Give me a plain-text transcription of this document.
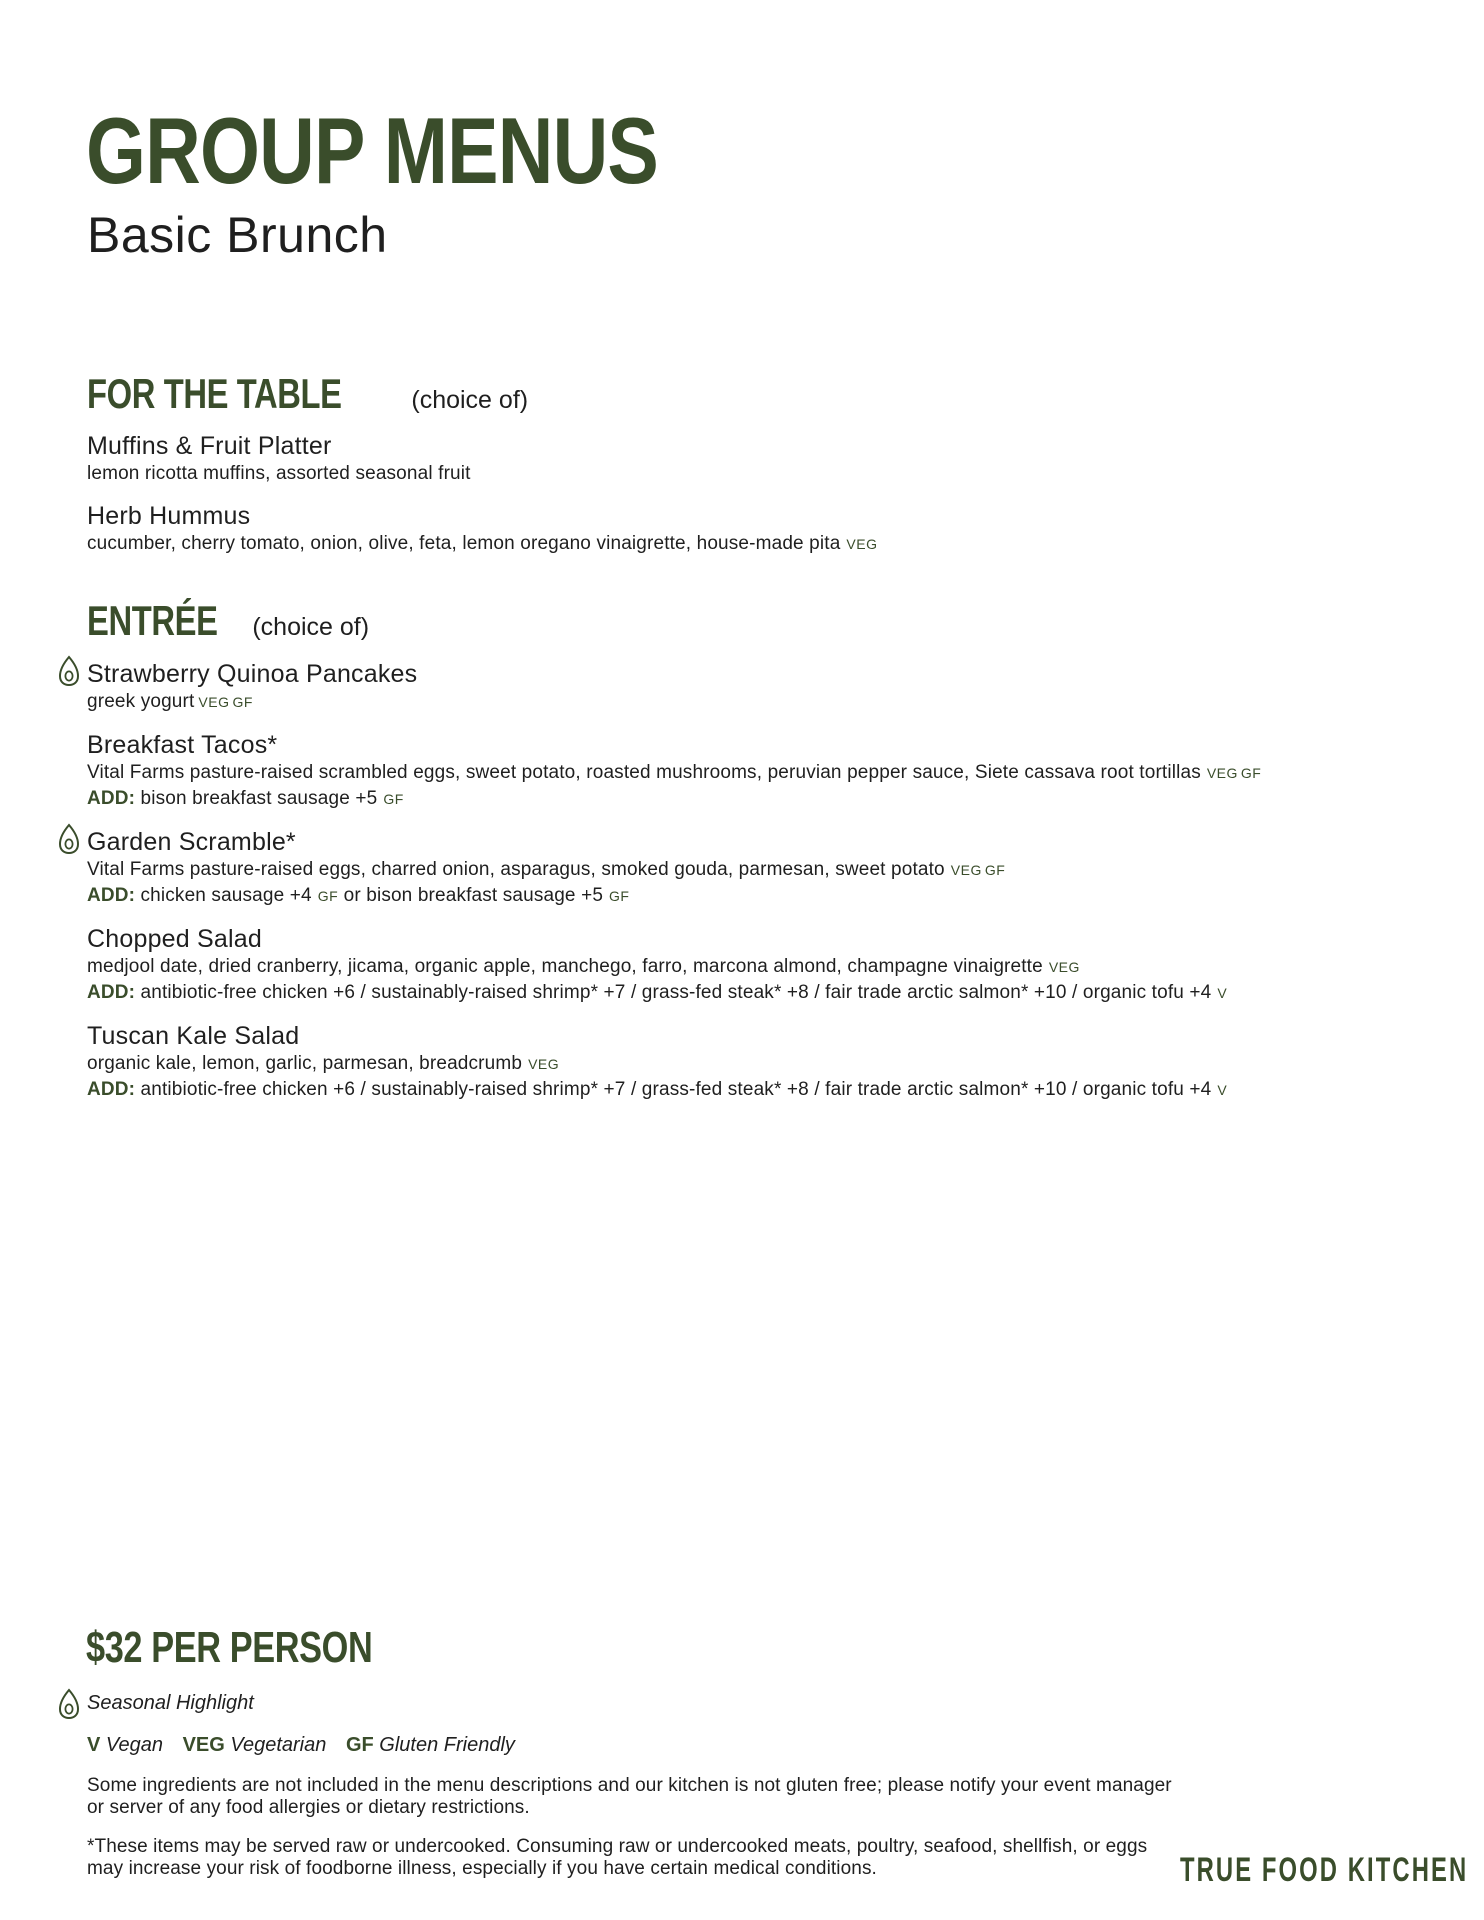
GROUP MENUS
Basic Brunch
FOR THE TABLE	(choice of)
Muffins & Fruit Platter
lemon ricotta muffins, assorted seasonal fruit
Herb Hummus
cucumber, cherry tomato, onion, olive, feta, lemon oregano vinaigrette, house-made pita VEG
ENTRÉE (choice of)
Strawberry Quinoa Pancakes
greek yogurt VEG GF
Breakfast Tacos*
Vital Farms pasture-raised scrambled eggs, sweet potato, roasted mushrooms, peruvian pepper sauce, Siete cassava root tortillas VEG GF
ADD: bison breakfast sausage +5 GF
Garden Scramble*
Vital Farms pasture-raised eggs, charred onion, asparagus, smoked gouda, parmesan, sweet potato VEG GF
ADD: chicken sausage +4 GF or bison breakfast sausage +5 GF
Chopped Salad
medjool date, dried cranberry, jicama, organic apple, manchego, farro, marcona almond, champagne vinaigrette VEG
ADD: antibiotic-free chicken +6 / sustainably-raised shrimp* +7 / grass-fed steak* +8 / fair trade arctic salmon* +10 / organic tofu +4 V
Tuscan Kale Salad
organic kale, lemon, garlic, parmesan, breadcrumb VEG
ADD: antibiotic-free chicken +6 / sustainably-raised shrimp* +7 / grass-fed steak* +8 / fair trade arctic salmon* +10 / organic tofu +4 V
$32 PER PERSON
Seasonal Highlight
V Vegan VEG Vegetarian GF Gluten Friendly
Some ingredients are not included in the menu descriptions and our kitchen is not gluten free; please notify your event manager or server of any food allergies or dietary restrictions.
*These items may be served raw or undercooked. Consuming raw or undercooked meats, poultry, seafood, shellfish, or eggs may increase your risk of foodborne illness, especially if you have certain medical conditions.	TRUE FOOD KITCHEN
